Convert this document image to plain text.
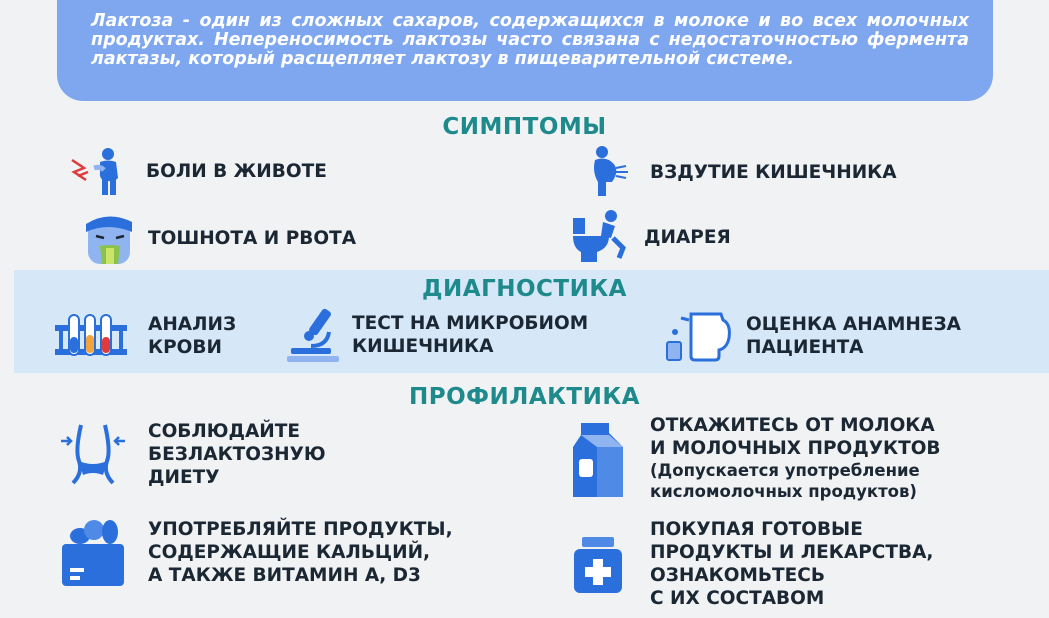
Лактоза - один из сложных сахаров, содержащихся в молоке и во всех молочных продуктах. Непереносимость лактозы часто связана с недостаточностью фермента лактазы, который расщепляет лактозу в пищеварительной системе.
СИМПТОМЫ
БОЛИ В ЖИВОТЕ	ВЗДУТИЕ КИШЕЧНИКА
ТОШНОТА И РВОТА	ДИАРЕЯ
ДИАГНОСТИКА
АНАЛИЗ
КРОВИ
ТЕСТ НА МИКРОБИОМ
КИШЕЧНИКА
ОЦЕНКА АНАМНЕЗА
ПАЦИЕНТА
ПРОФИЛАКТИКА
СОБЛЮДАЙТЕ
БЕЗЛАКТОЗНУЮ
ДИЕТУ
ОТКАЖИТЕСЬ ОТ МОЛОКА
И МОЛОЧНЫХ ПРОДУКТОВ
(Допускается употребление
кисломолочных продуктов)
УПОТРЕБЛЯЙТЕ ПРОДУКТЫ,
СОДЕРЖАЩИЕ КАЛЬЦИЙ,
А ТАКЖЕ ВИТАМИН А, D3
ПОКУПАЯ ГОТОВЫЕ
ПРОДУКТЫ И ЛЕКАРСТВА,
ОЗНАКОМЬТЕСЬ
С ИХ СОСТАВОМ
